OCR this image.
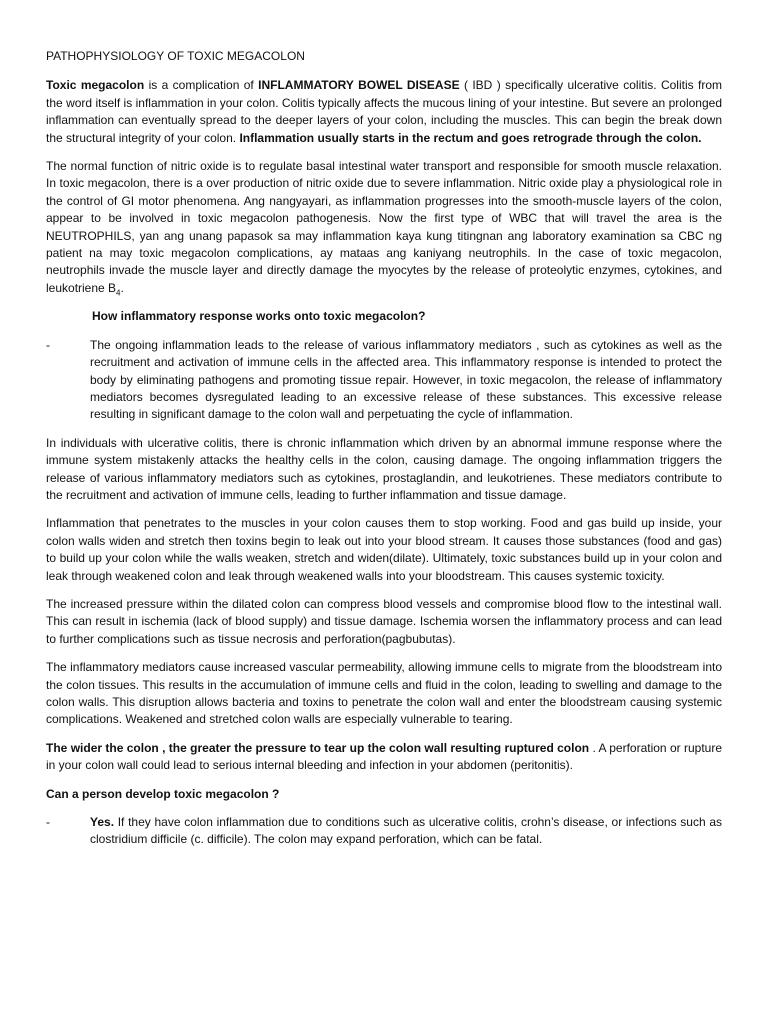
PATHOPHYSIOLOGY OF TOXIC MEGACOLON

Toxic megacolon is a complication of INFLAMMATORY BOWEL DISEASE ( IBD ) specifically ulcerative colitis. Colitis from the word itself is inflammation in your colon. Colitis typically affects the mucous lining of your intestine. But severe an prolonged inflammation can eventually spread to the deeper layers of your colon, including the muscles. This can begin the break down the structural integrity of your colon. Inflammation usually starts in the rectum and goes retrograde through the colon.

The normal function of nitric oxide is to regulate basal intestinal water transport and responsible for smooth muscle relaxation. In toxic megacolon, there is a over production of nitric oxide due to severe inflammation. Nitric oxide play a physiological role in the control of GI motor phenomena. Ang nangyayari, as inflammation progresses into the smooth-muscle layers of the colon, appear to be involved in toxic megacolon pathogenesis. Now the first type of WBC that will travel the area is the NEUTROPHILS, yan ang unang papasok sa may inflammation kaya kung titingnan ang laboratory examination sa CBC ng patient na may toxic megacolon complications, ay mataas ang kaniyang neutrophils. In the case of toxic megacolon, neutrophils invade the muscle layer and directly damage the myocytes by the release of proteolytic enzymes, cytokines, and leukotriene $B_4$.

How inflammatory response works onto toxic megacolon?

-	The ongoing inflammation leads to the release of various inflammatory mediators , such as cytokines as well as the recruitment and activation of immune cells in the affected area. This inflammatory response is intended to protect the body by eliminating pathogens and promoting tissue repair. However, in toxic megacolon, the release of inflammatory mediators becomes dysregulated leading to an excessive release of these substances. This excessive release resulting in significant damage to the colon wall and perpetuating the cycle of inflammation.

In individuals with ulcerative colitis, there is chronic inflammation which driven by an abnormal immune response where the immune system mistakenly attacks the healthy cells in the colon, causing damage. The ongoing inflammation triggers the release of various inflammatory mediators such as cytokines, prostaglandin, and leukotrienes. These mediators contribute to the recruitment and activation of immune cells, leading to further inflammation and tissue damage.

Inflammation that penetrates to the muscles in your colon causes them to stop working. Food and gas build up inside, your colon walls widen and stretch then toxins begin to leak out into your blood stream. It causes those substances (food and gas) to build up your colon while the walls weaken, stretch and widen(dilate). Ultimately, toxic substances build up in your colon and leak through weakened colon and leak through weakened walls into your bloodstream. This causes systemic toxicity.

The increased pressure within the dilated colon can compress blood vessels and compromise blood flow to the intestinal wall. This can result in ischemia (lack of blood supply) and tissue damage. Ischemia worsen the inflammatory process and can lead to further complications such as tissue necrosis and perforation(pagbubutas).

The inflammatory mediators cause increased vascular permeability, allowing immune cells to migrate from the bloodstream into the colon tissues. This results in the accumulation of immune cells and fluid in the colon, leading to swelling and damage to the colon walls. This disruption allows bacteria and toxins to penetrate the colon wall and enter the bloodstream causing systemic complications. Weakened and stretched colon walls are especially vulnerable to tearing.

The wider the colon , the greater the pressure to tear up the colon wall resulting ruptured colon . A perforation or rupture in your colon wall could lead to serious internal bleeding and infection in your abdomen (peritonitis).

Can a person develop toxic megacolon ?

-	Yes. If they have colon inflammation due to conditions such as ulcerative colitis, crohn’s disease, or infections such as clostridium difficile (c. difficile). The colon may expand perforation, which can be fatal.
